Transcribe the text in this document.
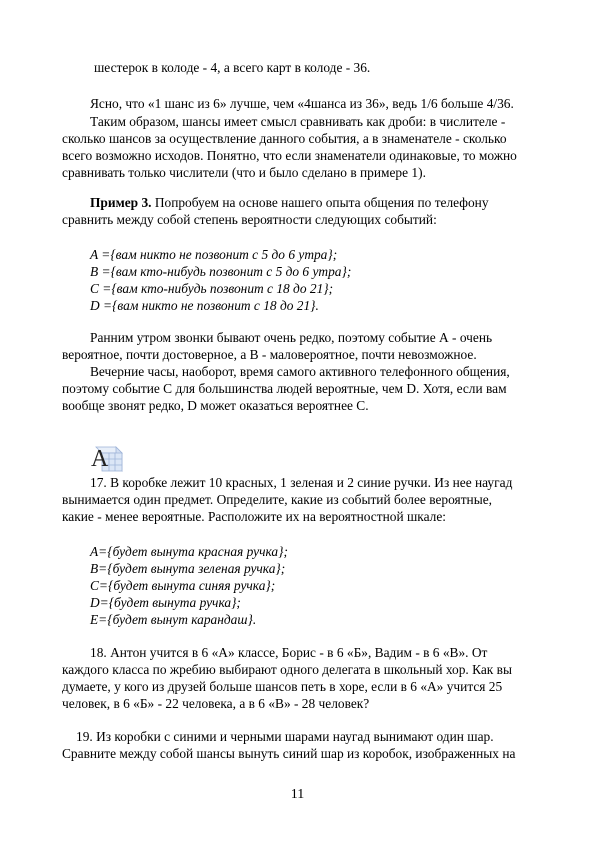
шестерок в колоде - 4, а всего карт в колоде - 36.
Ясно, что «1 шанс из 6» лучше, чем «4шанса из 36», ведь 1/6 больше 4/36.
Таким образом, шансы имеет смысл сравнивать как дроби: в числителе -
сколько шансов за осуществление данного события, а в знаменателе - сколько
всего возможно исходов. Понятно, что если знаменатели одинаковые, то можно
сравнивать только числители (что и было сделано в примере 1).
Пример 3. Попробуем на основе нашего опыта общения по телефону
сравнить между собой степень вероятности следующих событий:
A ={вам никто не позвонит с 5 до 6 утра};
B ={вам кто-нибудь позвонит с 5 до 6 утра};
C ={вам кто-нибудь позвонит с 18 до 21};
D ={вам никто не позвонит с 18 до 21}.
Ранним утром звонки бывают очень редко, поэтому событие А - очень
вероятное, почти достоверное, а В - маловероятное, почти невозможное.
Вечерние часы, наоборот, время самого активного телефонного общения,
поэтому событие С для большинства людей вероятные, чем D. Хотя, если вам
вообще звонят редко, D может оказаться вероятнее С.
A
17. В коробке лежит 10 красных, 1 зеленая и 2 синие ручки. Из нее наугад
вынимается один предмет. Определите, какие из событий более вероятные,
какие - менее вероятные. Расположите их на вероятностной шкале:
A={будет вынута красная ручка};
B={будет вынута зеленая ручка};
C={будет вынута синяя ручка};
D={будет вынута ручка};
E={будет вынут карандаш}.
18. Антон учится в 6 «А» классе, Борис - в 6 «Б», Вадим - в 6 «В». От
каждого класса по жребию выбирают одного делегата в школьный хор. Как вы
думаете, у кого из друзей больше шансов петь в хоре, если в 6 «А» учится 25
человек, в 6 «Б» - 22 человека, а в 6 «В» - 28 человек?
19. Из коробки с синими и черными шарами наугад вынимают один шар.
Сравните между собой шансы вынуть синий шар из коробок, изображенных на
11
